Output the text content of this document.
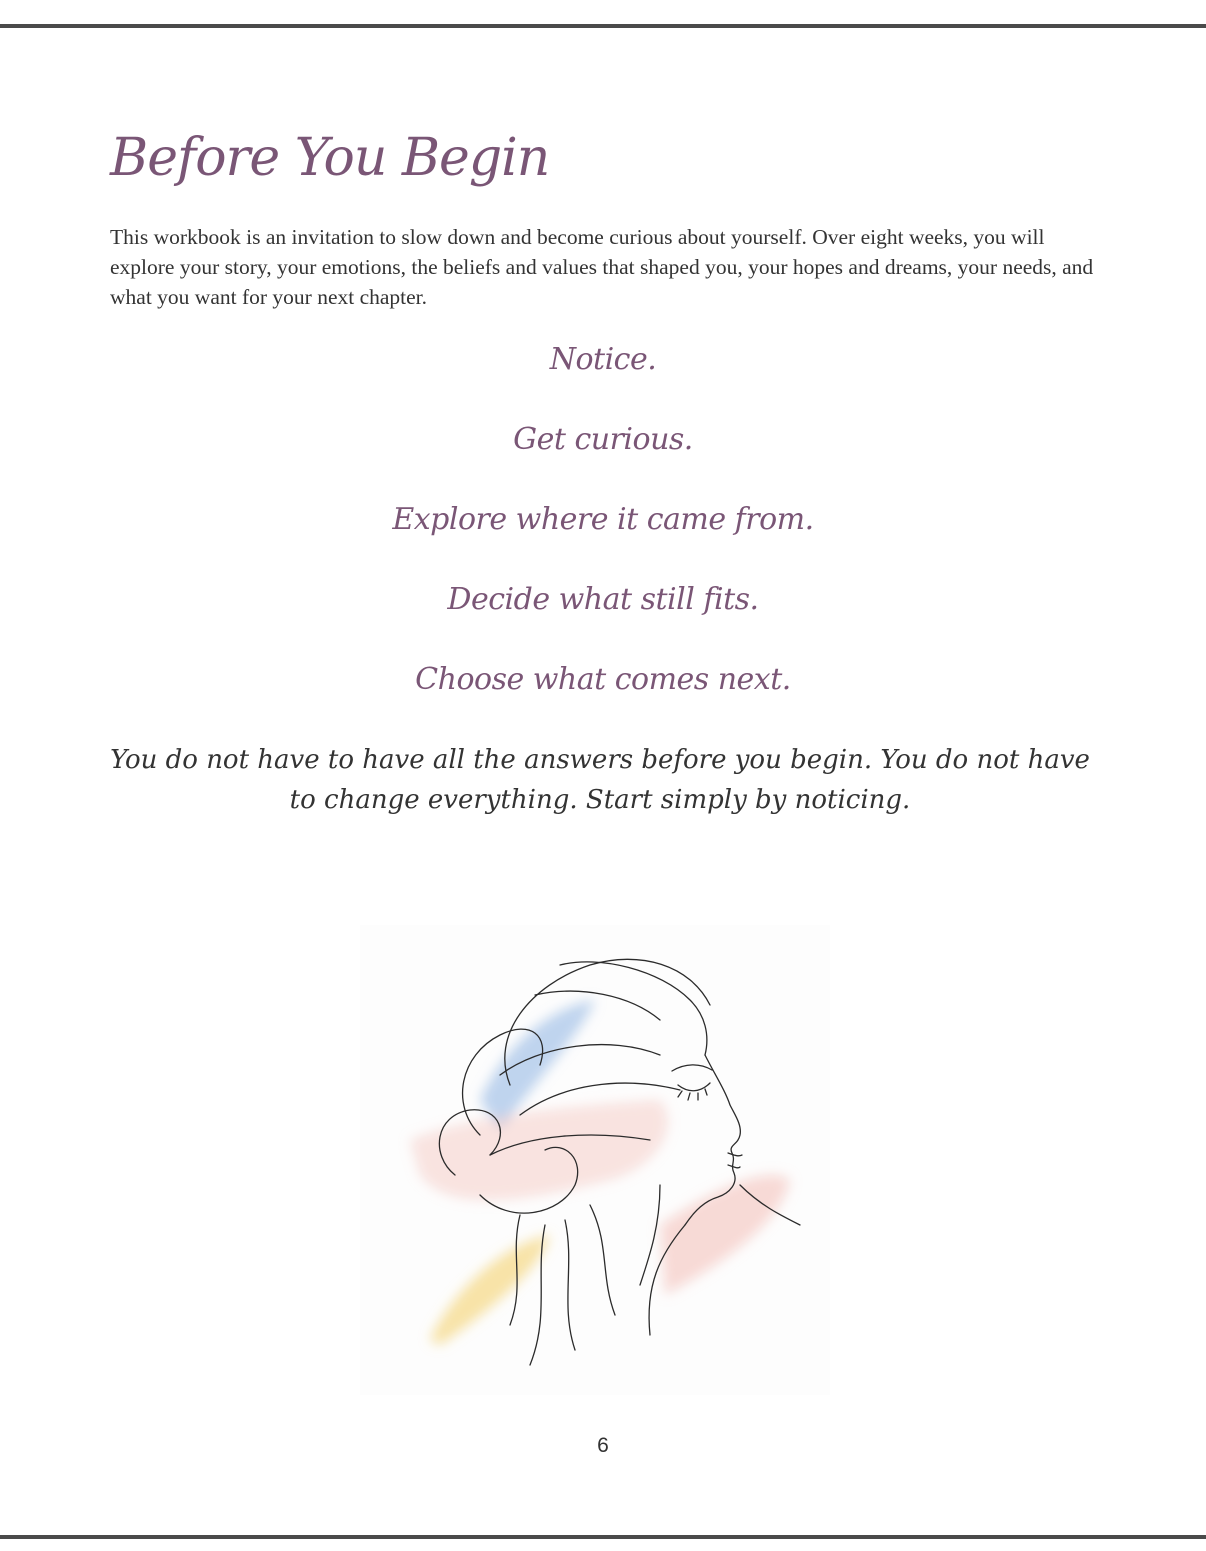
Before You Begin

This workbook is an invitation to slow down and become curious about yourself. Over eight weeks, you will explore your story, your emotions, the beliefs and values that shaped you, your hopes and dreams, your needs, and what you want for your next chapter.

Notice.
Get curious.
Explore where it came from.
Decide what still fits.
Choose what comes next.

You do not have to have all the answers before you begin. You do not have to change everything. Start simply by noticing.

6
